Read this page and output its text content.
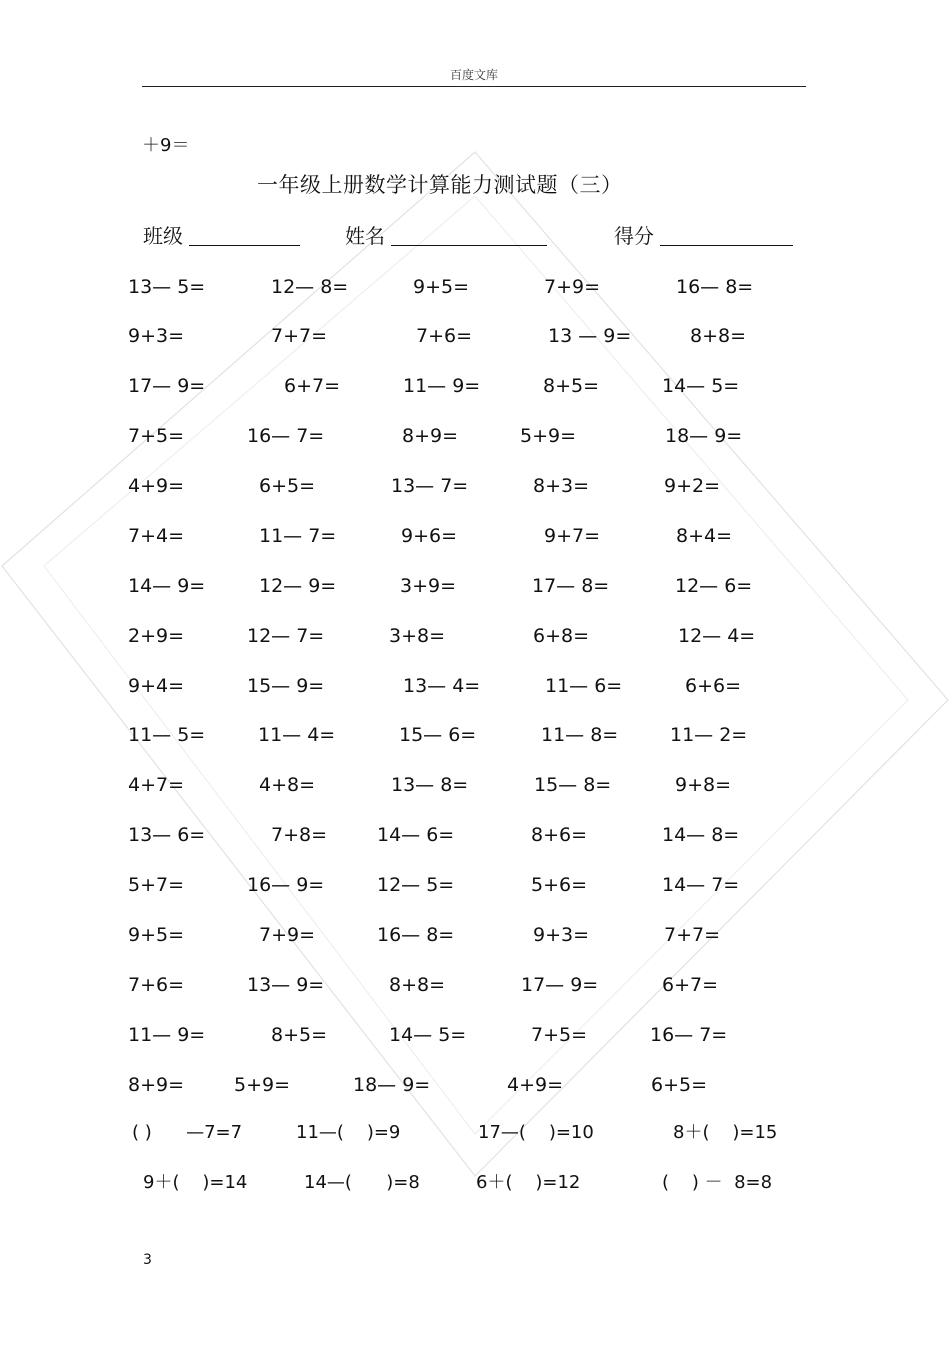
百度文库
＋9＝
一年级上册数学计算能力测试题（三）
班级	姓名	得分
13— 5=	12— 8=	9+5=	7+9=	16— 8=
9+3=	7+7=	7+6=	13 — 9=	8+8=
17— 9=	6+7=	11— 9=	8+5=	14— 5=
7+5=	16— 7=	8+9=	5+9=	18— 9=
4+9=	6+5=	13— 7=	8+3=	9+2=
7+4=	11— 7=	9+6=	9+7=	8+4=
14— 9=	12— 9=	3+9=	17— 8=	12— 6=
2+9=	12— 7=	3+8=	6+8=	12— 4=
9+4=	15— 9=	13— 4=	11— 6=	6+6=
11— 5=	11— 4=	15— 6=	11— 8=	11— 2=
4+7=	4+8=	13— 8=	15— 8=	9+8=
13— 6=	7+8=	14— 6=	8+6=	14— 8=
5+7=	16— 9=	12— 5=	5+6=	14— 7=
9+5=	7+9=	16— 8=	9+3=	7+7=
7+6=	13— 9=	8+8=	17— 9=	6+7=
11— 9=	8+5=	14— 5=	7+5=	16— 7=
8+9=	5+9=	18— 9=	4+9=	6+5=
( )      —7=7	11—(    )=9	17—(    )=10	8＋(    )=15
9＋(    )=14	14—(      )=8	6＋(    )=12	(    ) －  8=8
3
